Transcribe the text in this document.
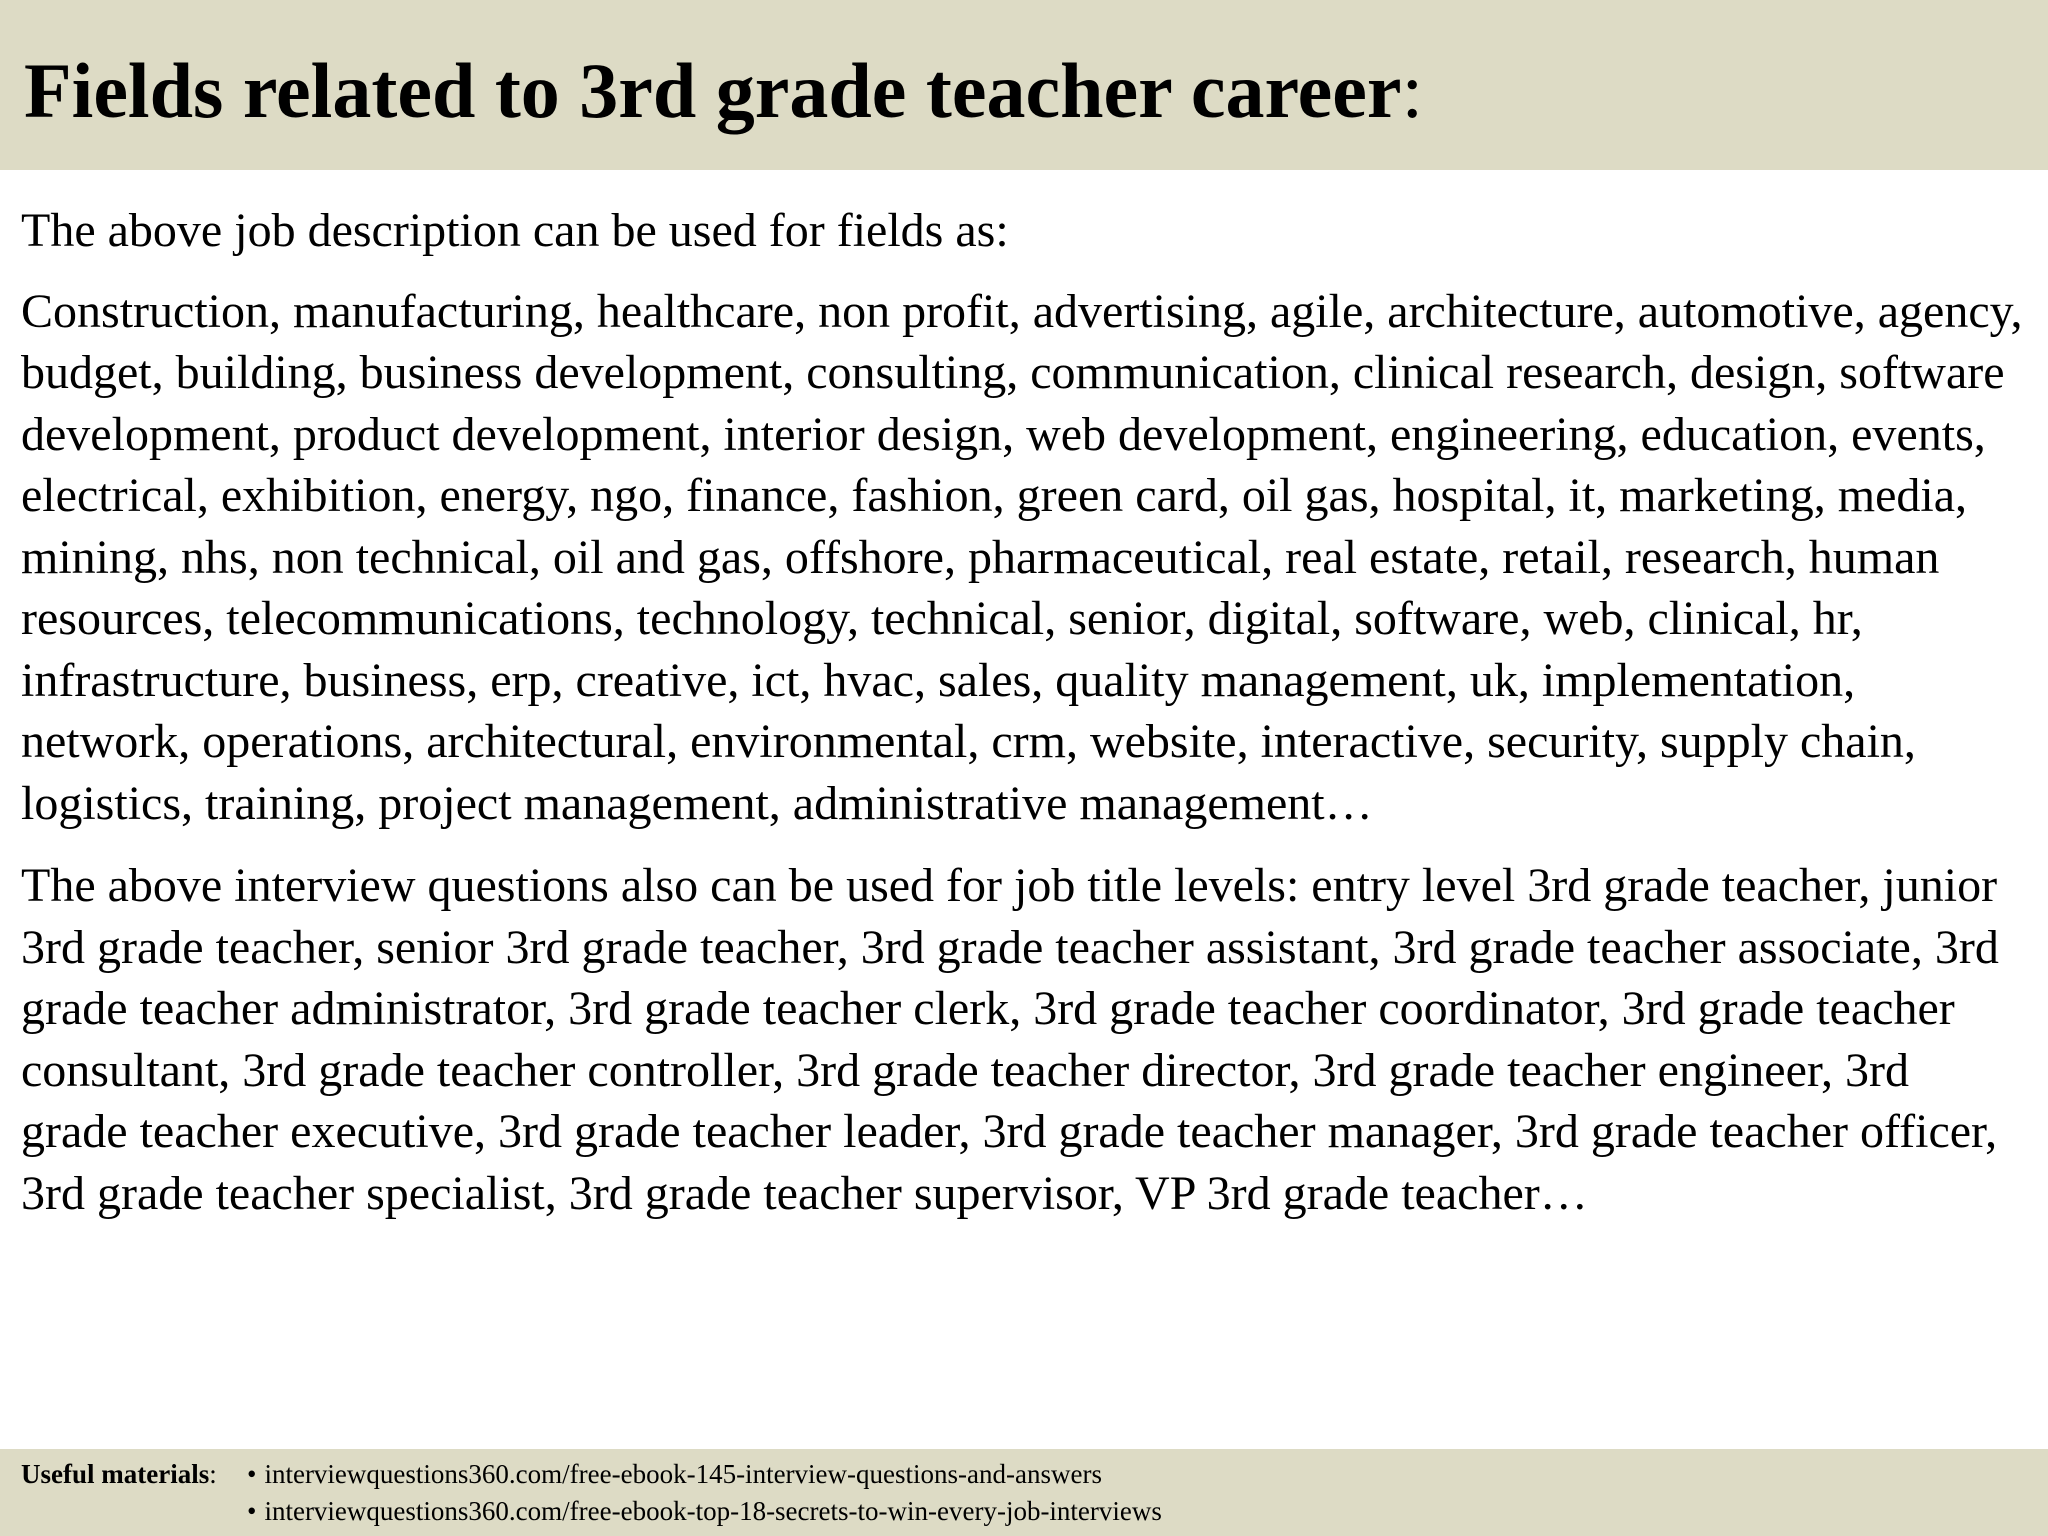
Fields related to 3rd grade teacher career:

The above job description can be used for fields as:

Construction, manufacturing, healthcare, non profit, advertising, agile, architecture, automotive, agency, budget, building, business development, consulting, communication, clinical research, design, software development, product development, interior design, web development, engineering, education, events, electrical, exhibition, energy, ngo, finance, fashion, green card, oil gas, hospital, it, marketing, media, mining, nhs, non technical, oil and gas, offshore, pharmaceutical, real estate, retail, research, human resources, telecommunications, technology, technical, senior, digital, software, web, clinical, hr, infrastructure, business, erp, creative, ict, hvac, sales, quality management, uk, implementation, network, operations, architectural, environmental, crm, website, interactive, security, supply chain, logistics, training, project management, administrative management…

The above interview questions also can be used for job title levels: entry level 3rd grade teacher, junior 3rd grade teacher, senior 3rd grade teacher, 3rd grade teacher assistant, 3rd grade teacher associate, 3rd grade teacher administrator, 3rd grade teacher clerk, 3rd grade teacher coordinator, 3rd grade teacher consultant, 3rd grade teacher controller, 3rd grade teacher director, 3rd grade teacher engineer, 3rd grade teacher executive, 3rd grade teacher leader, 3rd grade teacher manager, 3rd grade teacher officer, 3rd grade teacher specialist, 3rd grade teacher supervisor, VP 3rd grade teacher…

Useful materials:	• interviewquestions360.com/free-ebook-145-interview-questions-and-answers
• interviewquestions360.com/free-ebook-top-18-secrets-to-win-every-job-interviews
